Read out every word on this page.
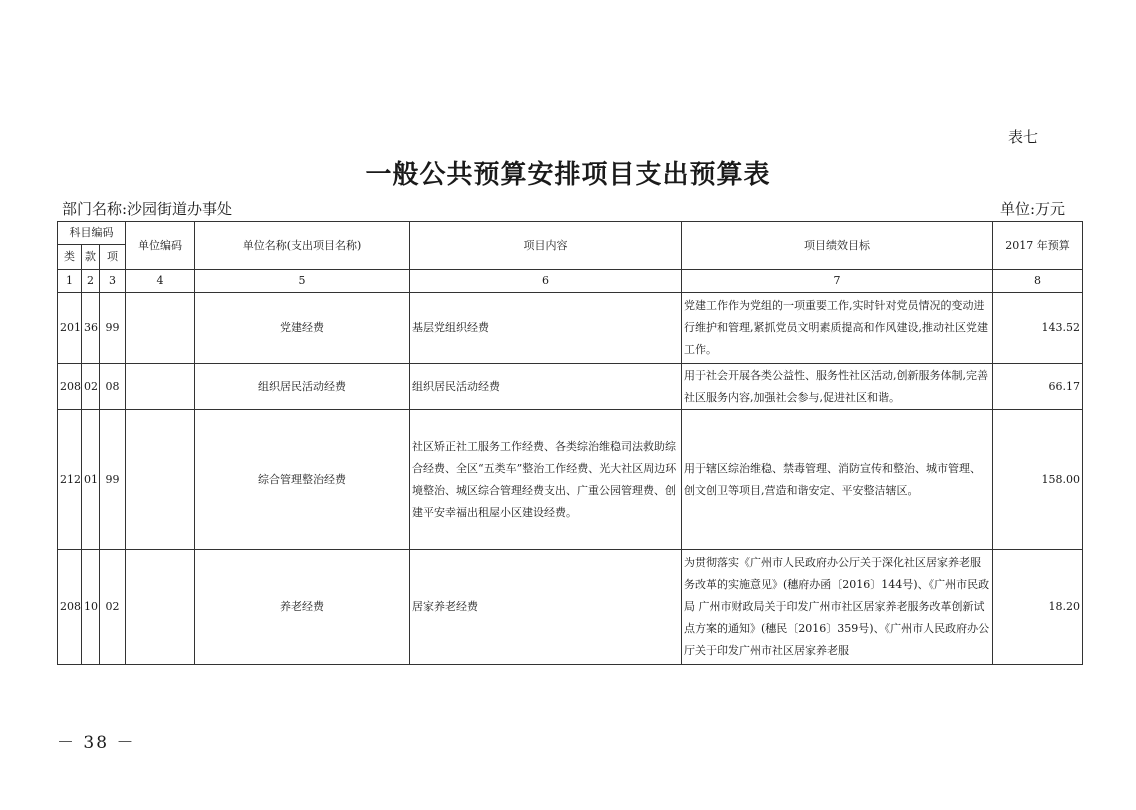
表七
一般公共预算安排项目支出预算表
部门名称:沙园街道办事处	单位:万元
科目编码			单位编码	单位名称(支出项目名称)	项目内容	项目绩效目标	2017 年预算
类	款	项					
1	2	3	4	5	6	7	8
201	36	99		党建经费	基层党组织经费	党建工作作为党组的一项重要工作,实时针对党员情况的变动进行维护和管理,紧抓党员文明素质提高和作风建设,推动社区党建工作。	143.52
208	02	08		组织居民活动经费	组织居民活动经费	用于社会开展各类公益性、服务性社区活动,创新服务体制,完善社区服务内容,加强社会参与,促进社区和谐。	66.17
212	01	99		综合管理整治经费	社区矫正社工服务工作经费、各类综治维稳司法救助综合经费、全区“五类车”整治工作经费、光大社区周边环境整治、城区综合管理经费支出、广重公园管理费、创建平安幸福出租屋小区建设经费。	用于辖区综治维稳、禁毒管理、消防宣传和整治、城市管理、创文创卫等项目,营造和谐安定、平安整洁辖区。	158.00
208	10	02		养老经费	居家养老经费	为贯彻落实《广州市人民政府办公厅关于深化社区居家养老服务改革的实施意见》(穗府办函〔2016〕144号)、《广州市民政局 广州市财政局关于印发广州市社区居家养老服务改革创新试点方案的通知》(穗民〔2016〕359号)、《广州市人民政府办公厅关于印发广州市社区居家养老服	18.20
－ 38 －
